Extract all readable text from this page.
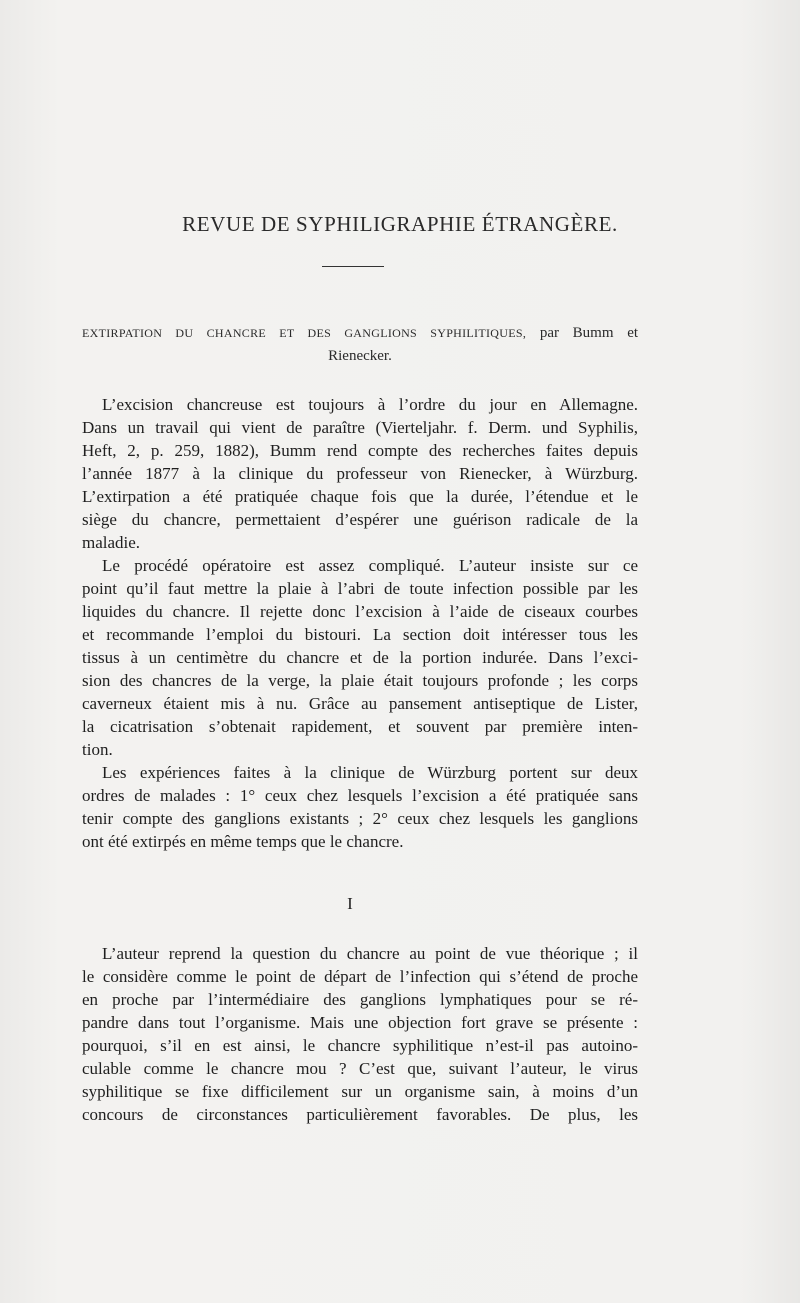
REVUE DE SYPHILIGRAPHIE ÉTRANGÈRE.
EXTIRPATION DU CHANCRE ET DES GANGLIONS SYPHILITIQUES, par Bumm et
Rienecker.
L’excision chancreuse est toujours à l’ordre du jour en Allemagne.
Dans un travail qui vient de paraître (Vierteljahr. f. Derm. und Syphilis,
Heft, 2, p. 259, 1882), Bumm rend compte des recherches faites depuis
l’année 1877 à la clinique du professeur von Rienecker, à Würzburg.
L’extirpation a été pratiquée chaque fois que la durée, l’étendue et le
siège du chancre, permettaient d’espérer une guérison radicale de la
maladie.
Le procédé opératoire est assez compliqué. L’auteur insiste sur ce
point qu’il faut mettre la plaie à l’abri de toute infection possible par les
liquides du chancre. Il rejette donc l’excision à l’aide de ciseaux courbes
et recommande l’emploi du bistouri. La section doit intéresser tous les
tissus à un centimètre du chancre et de la portion indurée. Dans l’exci-
sion des chancres de la verge, la plaie était toujours profonde ; les corps
caverneux étaient mis à nu. Grâce au pansement antiseptique de Lister,
la cicatrisation s’obtenait rapidement, et souvent par première inten-
tion.
Les expériences faites à la clinique de Würzburg portent sur deux
ordres de malades : 1° ceux chez lesquels l’excision a été pratiquée sans
tenir compte des ganglions existants ; 2° ceux chez lesquels les ganglions
ont été extirpés en même temps que le chancre.
I
L’auteur reprend la question du chancre au point de vue théorique ; il
le considère comme le point de départ de l’infection qui s’étend de proche
en proche par l’intermédiaire des ganglions lymphatiques pour se ré-
pandre dans tout l’organisme. Mais une objection fort grave se présente :
pourquoi, s’il en est ainsi, le chancre syphilitique n’est-il pas autoino-
culable comme le chancre mou ? C’est que, suivant l’auteur, le virus
syphilitique se fixe difficilement sur un organisme sain, à moins d’un
concours de circonstances particulièrement favorables. De plus, les
